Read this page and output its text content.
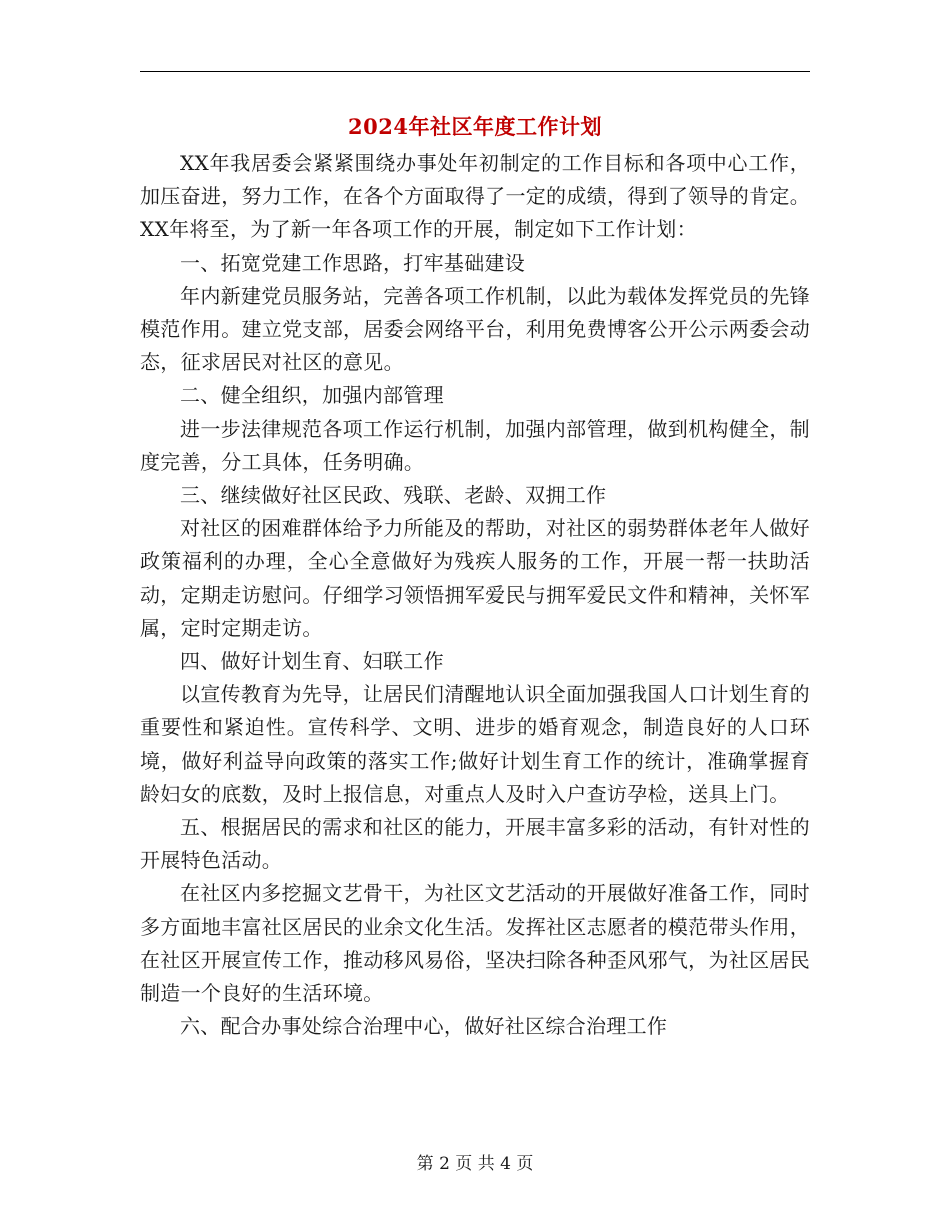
2024年社区年度工作计划

XX年我居委会紧紧围绕办事处年初制定的工作目标和各项中心工作，加压奋进，努力工作，在各个方面取得了一定的成绩，得到了领导的肯定。XX年将至，为了新一年各项工作的开展，制定如下工作计划：

一、拓宽党建工作思路，打牢基础建设

年内新建党员服务站，完善各项工作机制，以此为载体发挥党员的先锋模范作用。建立党支部，居委会网络平台，利用免费博客公开公示两委会动态，征求居民对社区的意见。

二、健全组织，加强内部管理

进一步法律规范各项工作运行机制，加强内部管理，做到机构健全，制度完善，分工具体，任务明确。

三、继续做好社区民政、残联、老龄、双拥工作

对社区的困难群体给予力所能及的帮助，对社区的弱势群体老年人做好政策福利的办理，全心全意做好为残疾人服务的工作，开展一帮一扶助活动，定期走访慰问。仔细学习领悟拥军爱民与拥军爱民文件和精神，关怀军属，定时定期走访。

四、做好计划生育、妇联工作

以宣传教育为先导，让居民们清醒地认识全面加强我国人口计划生育的重要性和紧迫性。宣传科学、文明、进步的婚育观念，制造良好的人口环境，做好利益导向政策的落实工作;做好计划生育工作的统计，准确掌握育龄妇女的底数，及时上报信息，对重点人及时入户查访孕检，送具上门。

五、根据居民的需求和社区的能力，开展丰富多彩的活动，有针对性的开展特色活动。

在社区内多挖掘文艺骨干，为社区文艺活动的开展做好准备工作，同时多方面地丰富社区居民的业余文化生活。发挥社区志愿者的模范带头作用，在社区开展宣传工作，推动移风易俗，坚决扫除各种歪风邪气，为社区居民制造一个良好的生活环境。

六、配合办事处综合治理中心，做好社区综合治理工作

第 2 页 共 4 页
